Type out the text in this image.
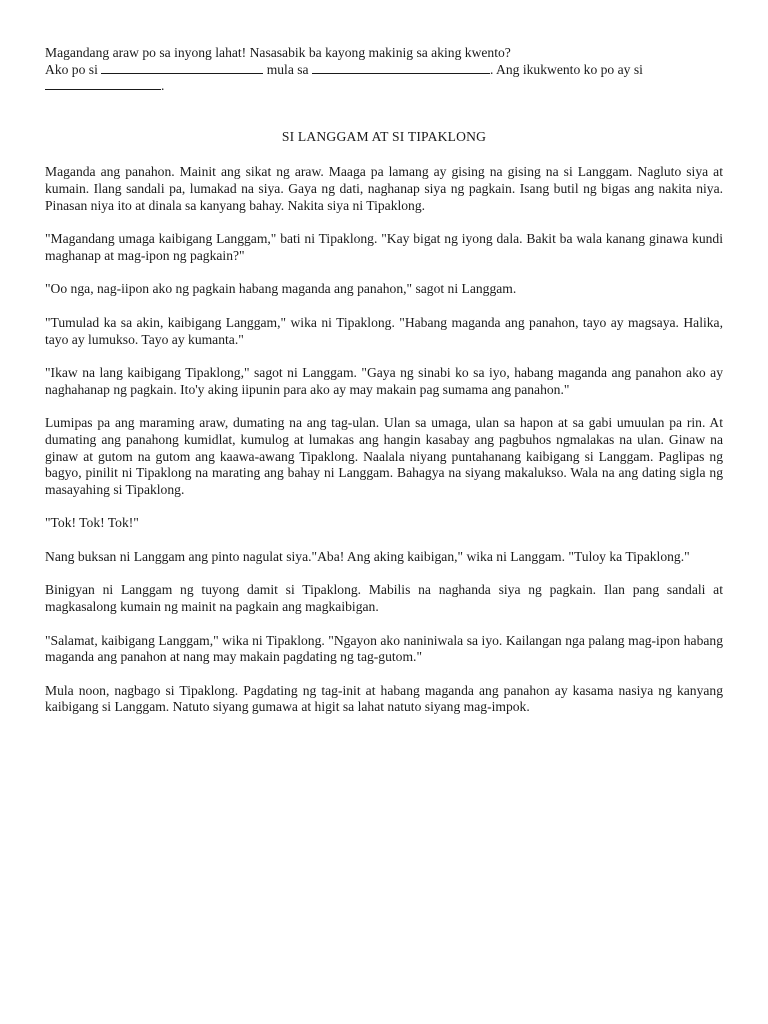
Magandang araw po sa inyong lahat! Nasasabik ba kayong makinig sa aking kwento?

Ako po si	mula sa	. Ang ikukwento ko po ay si

.

SI LANGGAM AT SI TIPAKLONG

Maganda ang panahon. Mainit ang sikat ng araw. Maaga pa lamang ay gising na gising na si Langgam. Nagluto siya at kumain. Ilang sandali pa, lumakad na siya. Gaya ng dati, naghanap siya ng pagkain. Isang butil ng bigas ang nakita niya. Pinasan niya ito at dinala sa kanyang bahay. Nakita siya ni Tipaklong.

"Magandang umaga kaibigang Langgam," bati ni Tipaklong. "Kay bigat ng iyong dala. Bakit ba wala kanang ginawa kundi maghanap at mag-ipon ng pagkain?"

"Oo nga, nag-iipon ako ng pagkain habang maganda ang panahon," sagot ni Langgam.

"Tumulad ka sa akin, kaibigang Langgam," wika ni Tipaklong. "Habang maganda ang panahon, tayo ay magsaya. Halika, tayo ay lumukso. Tayo ay kumanta."

"Ikaw na lang kaibigang Tipaklong," sagot ni Langgam. "Gaya ng sinabi ko sa iyo, habang maganda ang panahon ako ay naghahanap ng pagkain. Ito'y aking iipunin para ako ay may makain pag sumama ang panahon."

Lumipas pa ang maraming araw, dumating na ang tag-ulan. Ulan sa umaga, ulan sa hapon at sa gabi umuulan pa rin. At dumating ang panahong kumidlat, kumulog at lumakas ang hangin kasabay ang pagbuhos ngmalakas na ulan. Ginaw na ginaw at gutom na gutom ang kaawa-awang Tipaklong. Naalala niyang puntahanang kaibigang si Langgam. Paglipas ng bagyo, pinilit ni Tipaklong na marating ang bahay ni Langgam. Bahagya na siyang makalukso. Wala na ang dating sigla ng masayahing si Tipaklong.

"Tok! Tok! Tok!"

Nang buksan ni Langgam ang pinto nagulat siya."Aba! Ang aking kaibigan," wika ni Langgam. "Tuloy ka Tipaklong."

Binigyan ni Langgam ng tuyong damit si Tipaklong. Mabilis na naghanda siya ng pagkain. Ilan pang sandali at magkasalong kumain ng mainit na pagkain ang magkaibigan.

"Salamat, kaibigang Langgam," wika ni Tipaklong. "Ngayon ako naniniwala sa iyo. Kailangan nga palang mag-ipon habang maganda ang panahon at nang may makain pagdating ng tag-gutom."

Mula noon, nagbago si Tipaklong. Pagdating ng tag-init at habang maganda ang panahon ay kasama nasiya ng kanyang kaibigang si Langgam. Natuto siyang gumawa at higit sa lahat natuto siyang mag-impok.
